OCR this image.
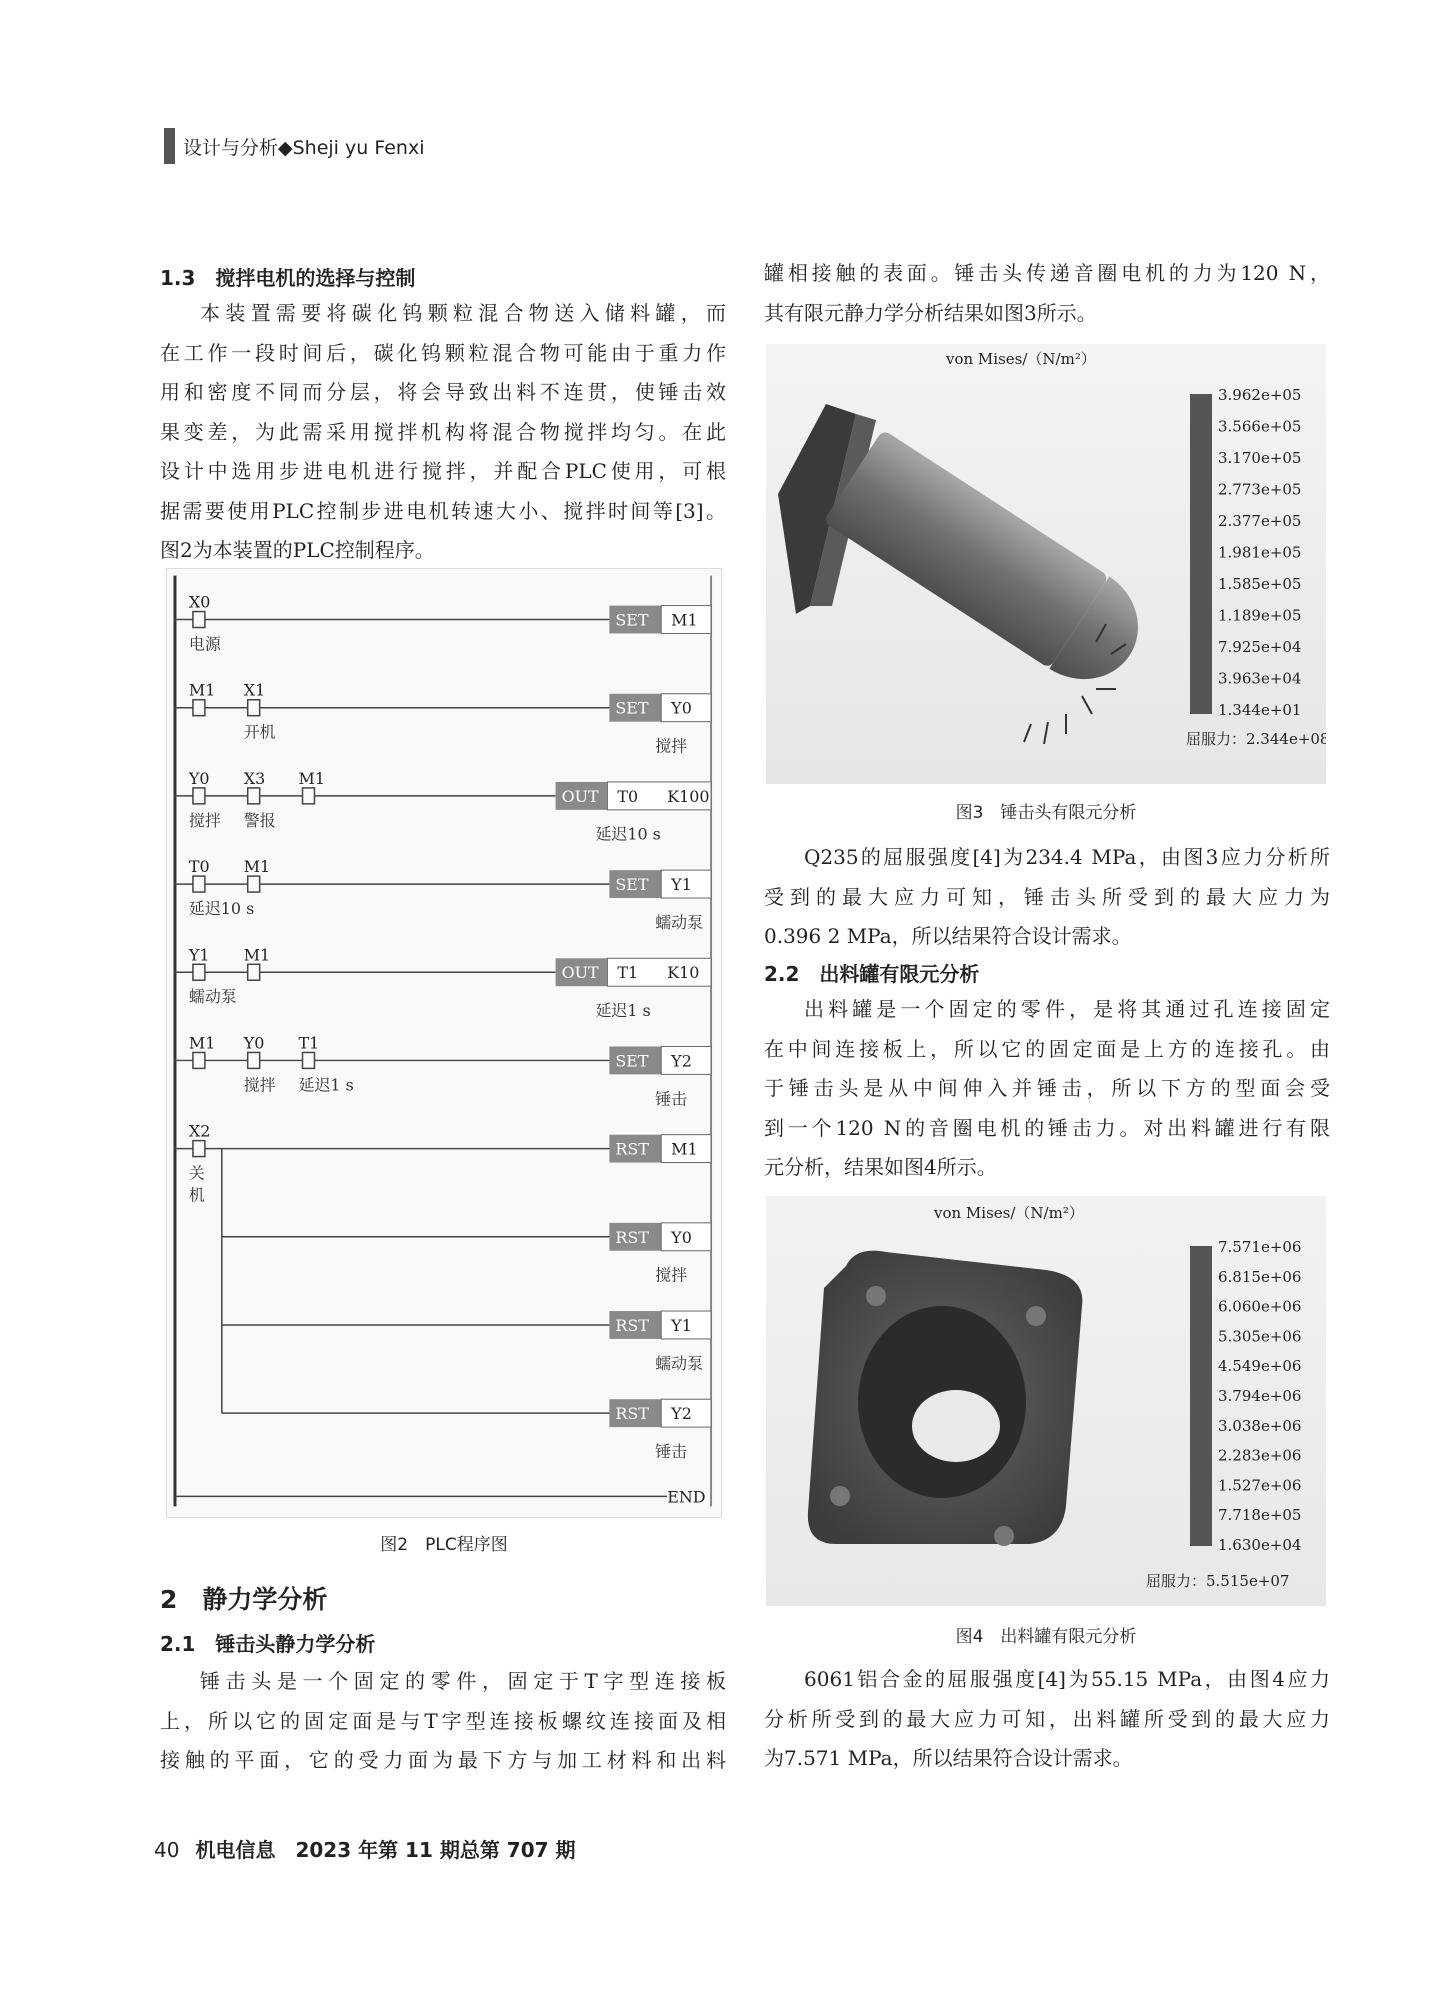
设计与分析◆Sheji yu Fenxi
1.3　搅拌电机的选择与控制
本装置需要将碳化钨颗粒混合物送入储料罐，而
在工作一段时间后，碳化钨颗粒混合物可能由于重力作
用和密度不同而分层，将会导致出料不连贯，使锤击效
果变差，为此需采用搅拌机构将混合物搅拌均匀。在此
设计中选用步进电机进行搅拌，并配合PLC使用，可根
据需要使用PLC控制步进电机转速大小、搅拌时间等[3]。
图2为本装置的PLC控制程序。
X0
电源
SET M1
M1 X1
开机
SET Y0
搅拌
Y0
搅拌
X3
警报
M1
OUT T0 K100
延迟10 s
T0
延迟10 s
M1
SET Y1
蠕动泵
Y1
蠕动泵
M1
OUT T1 K10
延迟1 s
M1 Y0
搅拌
T1
延迟1 s
SET Y2
锤击
X2
关
机
RST M1
RST Y0
搅拌
RST Y1
蠕动泵
RST Y2
锤击
END
图2　PLC程序图
2　静力学分析
2.1　锤击头静力学分析
锤击头是一个固定的零件，固定于T字型连接板
上，所以它的固定面是与T字型连接板螺纹连接面及相
接触的平面，它的受力面为最下方与加工材料和出料
罐相接触的表面。锤击头传递音圈电机的力为120 N，
其有限元静力学分析结果如图3所示。
von Mises/（N/m²）
3.962e+05
3.566e+05
3.170e+05
2.773e+05
2.377e+05
1.981e+05
1.585e+05
1.189e+05
7.925e+04
3.963e+04
1.344e+01
屈服力：2.344e+08
图3　锤击头有限元分析
Q235的屈服强度[4]为234.4 MPa，由图3应力分析所
受到的最大应力可知，锤击头所受到的最大应力为
0.396 2 MPa，所以结果符合设计需求。
2.2　出料罐有限元分析
出料罐是一个固定的零件，是将其通过孔连接固定
在中间连接板上，所以它的固定面是上方的连接孔。由
于锤击头是从中间伸入并锤击，所以下方的型面会受
到一个120 N的音圈电机的锤击力。对出料罐进行有限
元分析，结果如图4所示。
von Mises/（N/m²）
7.571e+06
6.815e+06
6.060e+06
5.305e+06
4.549e+06
3.794e+06
3.038e+06
2.283e+06
1.527e+06
7.718e+05
1.630e+04
屈服力：5.515e+07
图4　出料罐有限元分析
6061铝合金的屈服强度[4]为55.15 MPa，由图4应力
分析所受到的最大应力可知，出料罐所受到的最大应力
为7.571 MPa，所以结果符合设计需求。
40 机电信息　2023 年第 11 期总第 707 期
